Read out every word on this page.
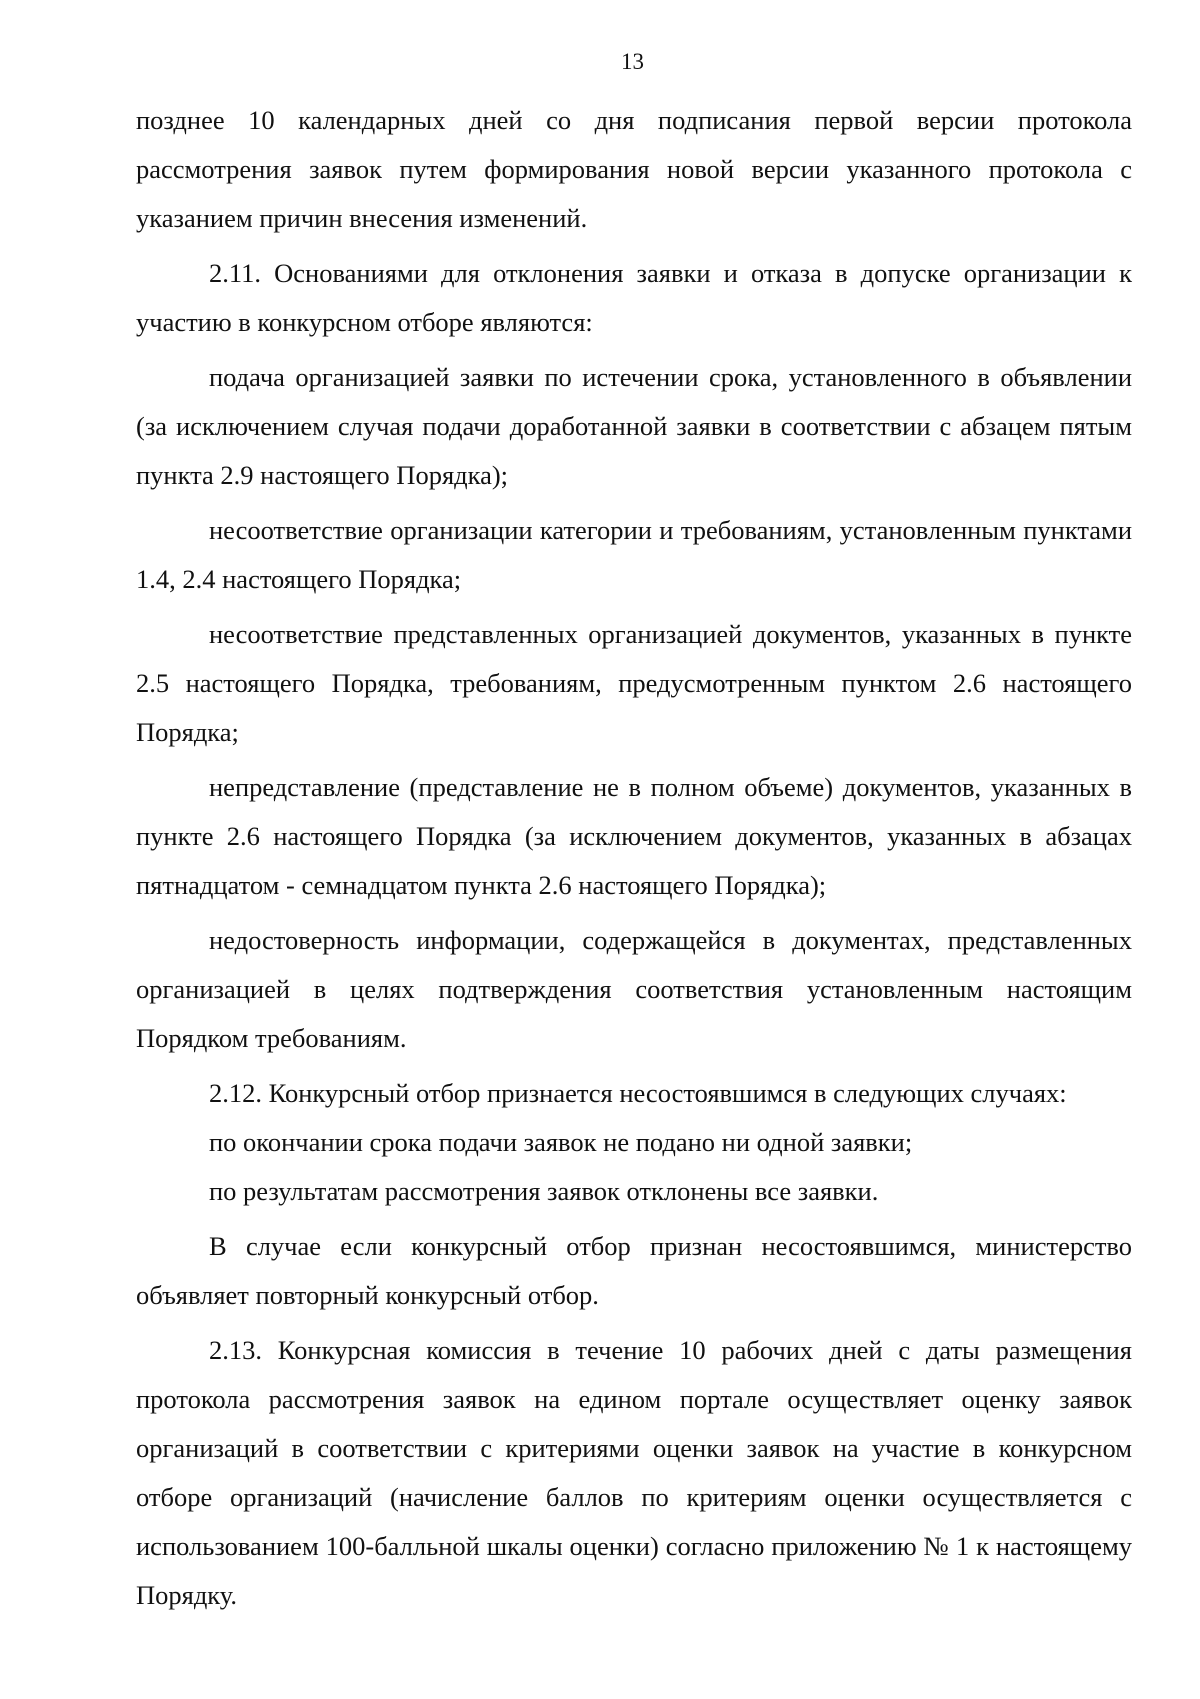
13

позднее 10 календарных дней со дня подписания первой версии протокола рассмотрения заявок путем формирования новой версии указанного протокола с указанием причин внесения изменений.

2.11. Основаниями для отклонения заявки и отказа в допуске организации к участию в конкурсном отборе являются:

подача организацией заявки по истечении срока, установленного в объявлении (за исключением случая подачи доработанной заявки в соответствии с абзацем пятым пункта 2.9 настоящего Порядка);

несоответствие организации категории и требованиям, установленным пунктами 1.4, 2.4 настоящего Порядка;

несоответствие представленных организацией документов, указанных в пункте 2.5 настоящего Порядка, требованиям, предусмотренным пунктом 2.6 настоящего Порядка;

непредставление (представление не в полном объеме) документов, указанных в пункте 2.6 настоящего Порядка (за исключением документов, указанных в абзацах пятнадцатом - семнадцатом пункта 2.6 настоящего Порядка);

недостоверность информации, содержащейся в документах, представленных организацией в целях подтверждения соответствия установленным настоящим Порядком требованиям.

2.12. Конкурсный отбор признается несостоявшимся в следующих случаях:

по окончании срока подачи заявок не подано ни одной заявки;

по результатам рассмотрения заявок отклонены все заявки.

В случае если конкурсный отбор признан несостоявшимся, министерство объявляет повторный конкурсный отбор.

2.13. Конкурсная комиссия в течение 10 рабочих дней с даты размещения протокола рассмотрения заявок на едином портале осуществляет оценку заявок организаций в соответствии с критериями оценки заявок на участие в конкурсном отборе организаций (начисление баллов по критериям оценки осуществляется с использованием 100-балльной шкалы оценки) согласно приложению № 1 к настоящему Порядку.
